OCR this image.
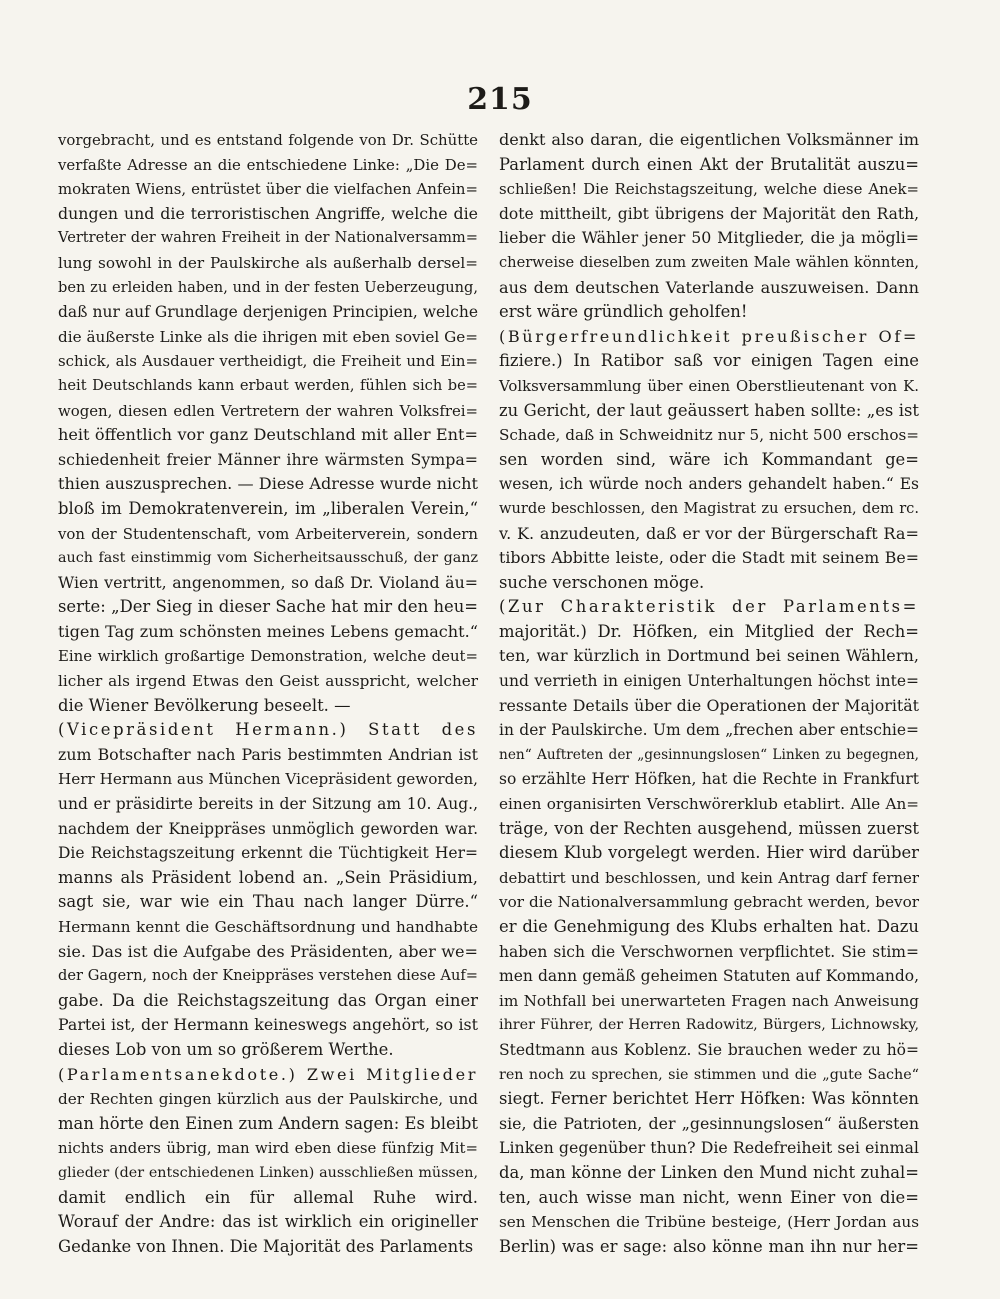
215
vorgebracht, und es entstand folgende von Dr. Schütte
verfaßte Adresse an die entschiedene Linke: „Die De=
mokraten Wiens, entrüstet über die vielfachen Anfein=
dungen und die terroristischen Angriffe, welche die
Vertreter der wahren Freiheit in der Nationalversamm=
lung sowohl in der Paulskirche als außerhalb dersel=
ben zu erleiden haben, und in der festen Ueberzeugung,
daß nur auf Grundlage derjenigen Principien, welche
die äußerste Linke als die ihrigen mit eben soviel Ge=
schick, als Ausdauer vertheidigt, die Freiheit und Ein=
heit Deutschlands kann erbaut werden, fühlen sich be=
wogen, diesen edlen Vertretern der wahren Volksfrei=
heit öffentlich vor ganz Deutschland mit aller Ent=
schiedenheit freier Männer ihre wärmsten Sympa=
thien auszusprechen. — Diese Adresse wurde nicht
bloß im Demokratenverein, im „liberalen Verein,“
von der Studentenschaft, vom Arbeiterverein, sondern
auch fast einstimmig vom Sicherheitsausschuß, der ganz
Wien vertritt, angenommen, so daß Dr. Violand äu=
serte: „Der Sieg in dieser Sache hat mir den heu=
tigen Tag zum schönsten meines Lebens gemacht.“
Eine wirklich großartige Demonstration, welche deut=
licher als irgend Etwas den Geist ausspricht, welcher
die Wiener Bevölkerung beseelt. —
(Vicepräsident Hermann.) Statt des
zum Botschafter nach Paris bestimmten Andrian ist
Herr Hermann aus München Vicepräsident geworden,
und er präsidirte bereits in der Sitzung am 10. Aug.,
nachdem der Kneippräses unmöglich geworden war.
Die Reichstagszeitung erkennt die Tüchtigkeit Her=
manns als Präsident lobend an. „Sein Präsidium,
sagt sie, war wie ein Thau nach langer Dürre.“
Hermann kennt die Geschäftsordnung und handhabte
sie. Das ist die Aufgabe des Präsidenten, aber we=
der Gagern, noch der Kneippräses verstehen diese Auf=
gabe. Da die Reichstagszeitung das Organ einer
Partei ist, der Hermann keineswegs angehört, so ist
dieses Lob von um so größerem Werthe.
(Parlamentsanekdote.) Zwei Mitglieder
der Rechten gingen kürzlich aus der Paulskirche, und
man hörte den Einen zum Andern sagen: Es bleibt
nichts anders übrig, man wird eben diese fünfzig Mit=
glieder (der entschiedenen Linken) ausschließen müssen,
damit endlich ein für allemal Ruhe wird.
Worauf der Andre: das ist wirklich ein origineller
Gedanke von Ihnen. Die Majorität des Parlaments
denkt also daran, die eigentlichen Volksmänner im
Parlament durch einen Akt der Brutalität auszu=
schließen! Die Reichstagszeitung, welche diese Anek=
dote mittheilt, gibt übrigens der Majorität den Rath,
lieber die Wähler jener 50 Mitglieder, die ja mögli=
cherweise dieselben zum zweiten Male wählen könnten,
aus dem deutschen Vaterlande auszuweisen. Dann
erst wäre gründlich geholfen!
(Bürgerfreundlichkeit preußischer Of=
fiziere.) In Ratibor saß vor einigen Tagen eine
Volksversammlung über einen Oberstlieutenant von K.
zu Gericht, der laut geäussert haben sollte: „es ist
Schade, daß in Schweidnitz nur 5, nicht 500 erschos=
sen worden sind, wäre ich Kommandant ge=
wesen, ich würde noch anders gehandelt haben.“ Es
wurde beschlossen, den Magistrat zu ersuchen, dem rc.
v. K. anzudeuten, daß er vor der Bürgerschaft Ra=
tibors Abbitte leiste, oder die Stadt mit seinem Be=
suche verschonen möge.
(Zur Charakteristik der Parlaments=
majorität.) Dr. Höfken, ein Mitglied der Rech=
ten, war kürzlich in Dortmund bei seinen Wählern,
und verrieth in einigen Unterhaltungen höchst inte=
ressante Details über die Operationen der Majorität
in der Paulskirche. Um dem „frechen aber entschie=
nen“ Auftreten der „gesinnungslosen“ Linken zu begegnen,
so erzählte Herr Höfken, hat die Rechte in Frankfurt
einen organisirten Verschwörerklub etablirt. Alle An=
träge, von der Rechten ausgehend, müssen zuerst
diesem Klub vorgelegt werden. Hier wird darüber
debattirt und beschlossen, und kein Antrag darf ferner
vor die Nationalversammlung gebracht werden, bevor
er die Genehmigung des Klubs erhalten hat. Dazu
haben sich die Verschwornen verpflichtet. Sie stim=
men dann gemäß geheimen Statuten auf Kommando,
im Nothfall bei unerwarteten Fragen nach Anweisung
ihrer Führer, der Herren Radowitz, Bürgers, Lichnowsky,
Stedtmann aus Koblenz. Sie brauchen weder zu hö=
ren noch zu sprechen, sie stimmen und die „gute Sache“
siegt. Ferner berichtet Herr Höfken: Was könnten
sie, die Patrioten, der „gesinnungslosen“ äußersten
Linken gegenüber thun? Die Redefreiheit sei einmal
da, man könne der Linken den Mund nicht zuhal=
ten, auch wisse man nicht, wenn Einer von die=
sen Menschen die Tribüne besteige, (Herr Jordan aus
Berlin) was er sage: also könne man ihn nur her=
